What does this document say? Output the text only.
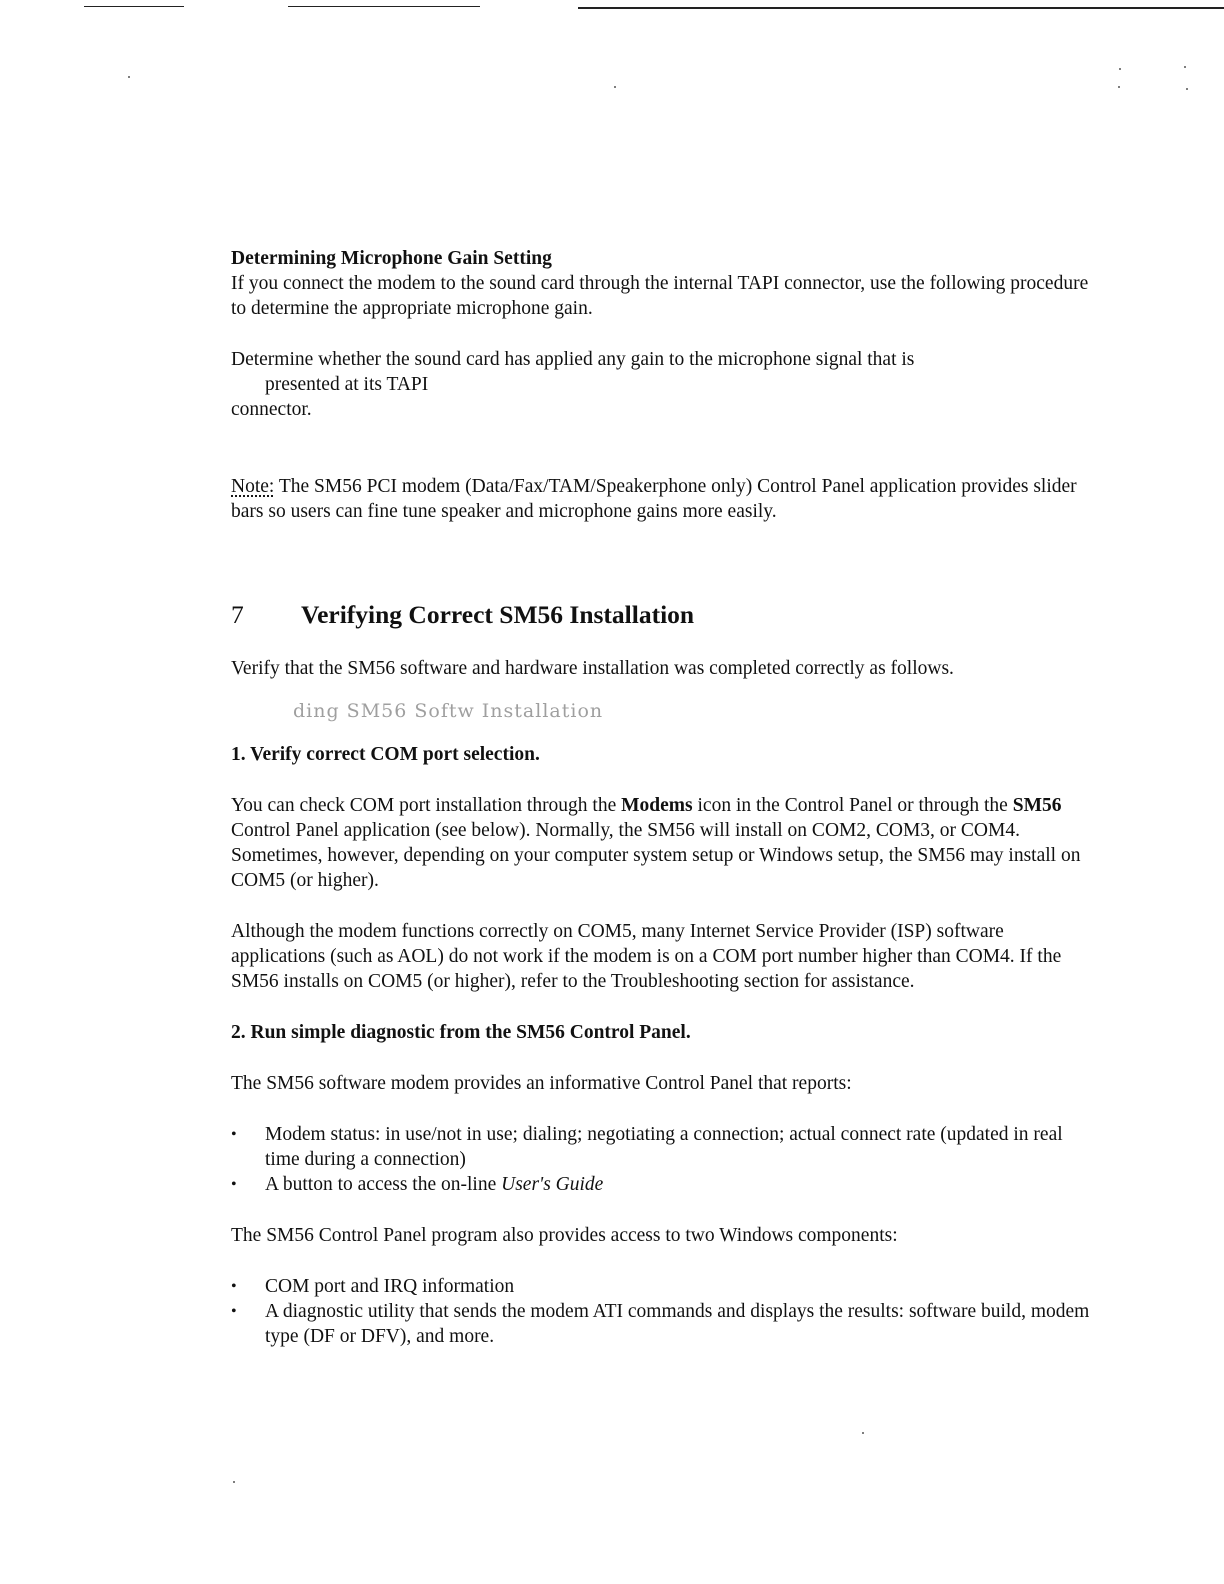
Determining Microphone Gain Setting

If you connect the modem to the sound card through the internal TAPI connector, use the following procedure to determine the appropriate microphone gain.

Determine whether the sound card has applied any gain to the microphone signal that is
presented at its TAPI
connector.

Note: The SM56 PCI modem (Data/Fax/TAM/Speakerphone only) Control Panel application provides slider bars so users can fine tune speaker and microphone gains more easily.

7	Verifying Correct SM56 Installation

Verify that the SM56 software and hardware installation was completed correctly as follows.

ding SM56 Softw Installation

1. Verify correct COM port selection.

You can check COM port installation through the Modems icon in the Control Panel or through the SM56 Control Panel application (see below). Normally, the SM56 will install on COM2, COM3, or COM4. Sometimes, however, depending on your computer system setup or Windows setup, the SM56 may install on COM5 (or higher).

Although the modem functions correctly on COM5, many Internet Service Provider (ISP) software applications (such as AOL) do not work if the modem is on a COM port number higher than COM4. If the SM56 installs on COM5 (or higher), refer to the Troubleshooting section for assistance.

2. Run simple diagnostic from the SM56 Control Panel.

The SM56 software modem provides an informative Control Panel that reports:

•	Modem status: in use/not in use; dialing; negotiating a connection; actual connect rate (updated in real time during a connection)
•	A button to access the on-line User's Guide

The SM56 Control Panel program also provides access to two Windows components:

•	COM port and IRQ information
•	A diagnostic utility that sends the modem ATI commands and displays the results: software build, modem type (DF or DFV), and more.
